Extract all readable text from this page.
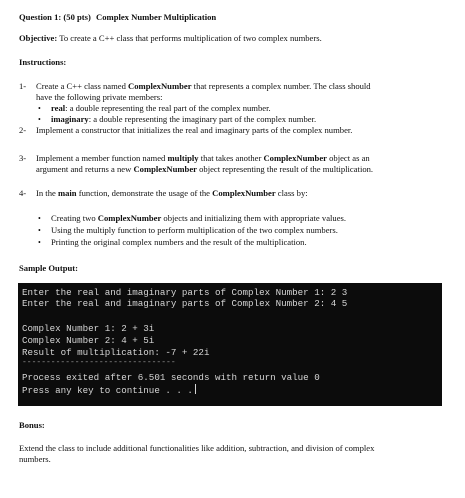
Question 1: (50 pts) Complex Number Multiplication
Objective: To create a C++ class that performs multiplication of two complex numbers.
Instructions:
1- Create a C++ class named ComplexNumber that represents a complex number. The class should
have the following private members:
• real: a double representing the real part of the complex number.
• imaginary: a double representing the imaginary part of the complex number.
2- Implement a constructor that initializes the real and imaginary parts of the complex number.
3- Implement a member function named multiply that takes another ComplexNumber object as an
argument and returns a new ComplexNumber object representing the result of the multiplication.
4- In the main function, demonstrate the usage of the ComplexNumber class by:
• Creating two ComplexNumber objects and initializing them with appropriate values.
• Using the multiply function to perform multiplication of the two complex numbers.
• Printing the original complex numbers and the result of the multiplication.
Sample Output:
Enter the real and imaginary parts of Complex Number 1: 2 3
Enter the real and imaginary parts of Complex Number 2: 4 5
Complex Number 1: 2 + 3i
Complex Number 2: 4 + 5i
Result of multiplication: -7 + 22i
--------------------------------
Process exited after 6.501 seconds with return value 0
Press any key to continue . . .
Bonus:
Extend the class to include additional functionalities like addition, subtraction, and division of complex
numbers.
